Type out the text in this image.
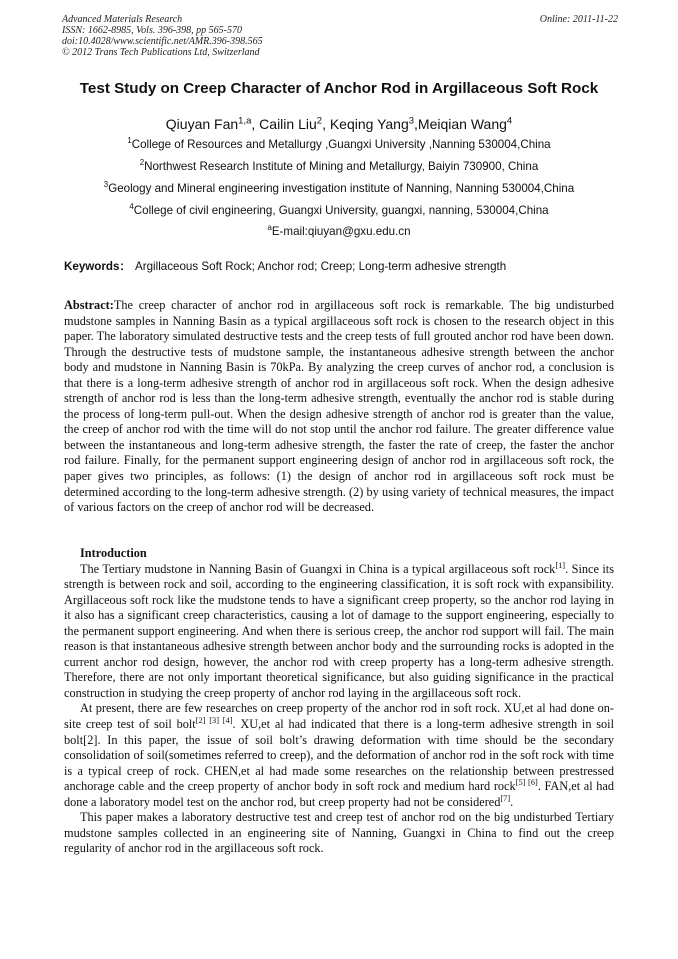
Advanced Materials Research
ISSN: 1662-8985, Vols. 396-398, pp 565-570
doi:10.4028/www.scientific.net/AMR.396-398.565
© 2012 Trans Tech Publications Ltd, Switzerland
Online: 2011-11-22
Test Study on Creep Character of Anchor Rod in Argillaceous Soft Rock
Qiuyan Fan$^{1,a}$, Cailin Liu$^2$, Keqing Yang$^3$,Meiqian Wang$^4$
$^1$College of Resources and Metallurgy ,Guangxi University ,Nanning 530004,China
$^2$Northwest Research Institute of Mining and Metallurgy, Baiyin 730900, China
$^3$Geology and Mineral engineering investigation institute of Nanning, Nanning 530004,China
$^4$College of civil engineering, Guangxi University, guangxi, nanning, 530004,China
$^a$E-mail:qiuyan@gxu.edu.cn
Keywords： Argillaceous Soft Rock; Anchor rod; Creep; Long-term adhesive strength

Abstract:The creep character of anchor rod in argillaceous soft rock is remarkable. The big undisturbed mudstone samples in Nanning Basin as a typical argillaceous soft rock is chosen to the research object in this paper. The laboratory simulated destructive tests and the creep tests of full grouted anchor rod have been down. Through the destructive tests of mudstone sample, the instantaneous adhesive strength between the anchor body and mudstone in Nanning Basin is 70kPa. By analyzing the creep curves of anchor rod, a conclusion is that there is a long-term adhesive strength of anchor rod in argillaceous soft rock. When the design adhesive strength of anchor rod is less than the long-term adhesive strength, eventually the anchor rod is stable during the process of long-term pull-out. When the design adhesive strength of anchor rod is greater than the value, the creep of anchor rod with the time will do not stop until the anchor rod failure. The greater difference value between the instantaneous and long-term adhesive strength, the faster the rate of creep, the faster the anchor rod failure. Finally, for the permanent support engineering design of anchor rod in argillaceous soft rock, the paper gives two principles, as follows: (1) the design of anchor rod in argillaceous soft rock must be determined according to the long-term adhesive strength. (2) by using variety of technical measures, the impact of various factors on the creep of anchor rod will be decreased.

Introduction

The Tertiary mudstone in Nanning Basin of Guangxi in China is a typical argillaceous soft rock[1]. Since its strength is between rock and soil, according to the engineering classification, it is soft rock with expansibility. Argillaceous soft rock like the mudstone tends to have a significant creep property, so the anchor rod laying in it also has a significant creep characteristics, causing a lot of damage to the support engineering, especially to the permanent support engineering. And when there is serious creep, the anchor rod support will fail. The main reason is that instantaneous adhesive strength between anchor body and the surrounding rocks is adopted in the current anchor rod design, however, the anchor rod with creep property has a long-term adhesive strength. Therefore, there are not only important theoretical significance, but also guiding significance in the practical construction in studying the creep property of anchor rod laying in the argillaceous soft rock.

At present, there are few researches on creep property of the anchor rod in soft rock. XU,et al had done on-site creep test of soil bolt[2] [3] [4]. XU,et al had indicated that there is a long-term adhesive strength in soil bolt[2]. In this paper, the issue of soil bolt’s drawing deformation with time should be the secondary consolidation of soil(sometimes referred to creep), and the deformation of anchor rod in the soft rock with time is a typical creep of rock. CHEN,et al had made some researches on the relationship between prestressed anchorage cable and the creep property of anchor body in soft rock and medium hard rock[5] [6]. FAN,et al had done a laboratory model test on the anchor rod, but creep property had not be considered[7].

This paper makes a laboratory destructive test and creep test of anchor rod on the big undisturbed Tertiary mudstone samples collected in an engineering site of Nanning, Guangxi in China to find out the creep regularity of anchor rod in the argillaceous soft rock.
